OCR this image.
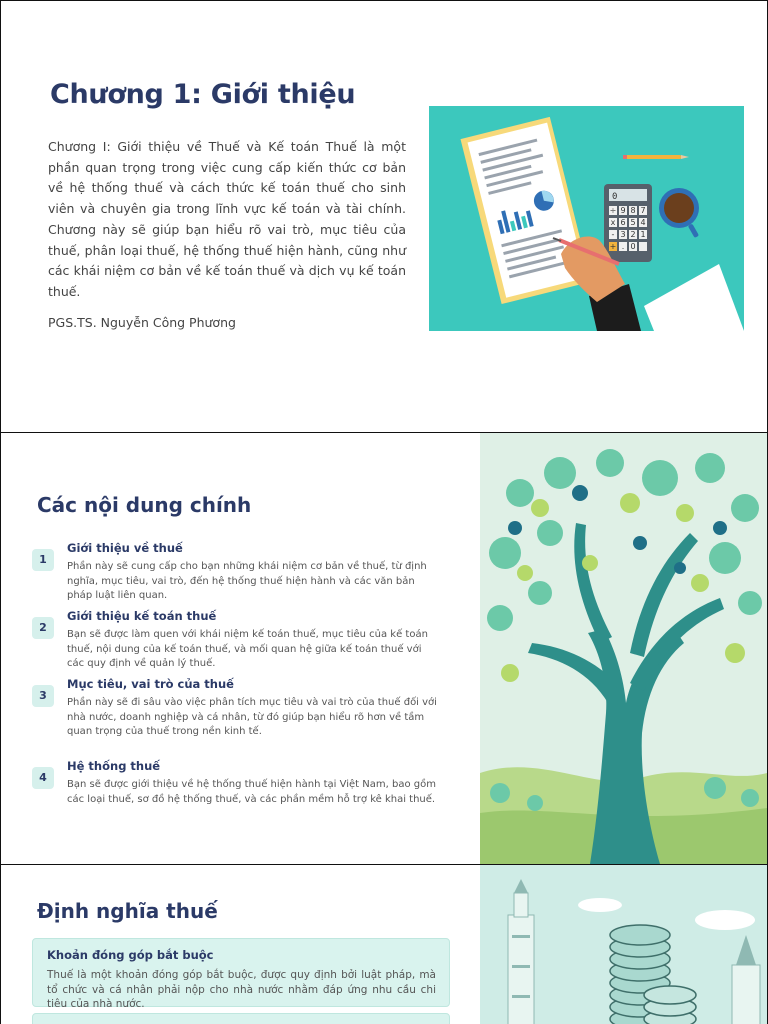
Chương 1: Giới thiệu
Chương I: Giới thiệu về Thuế và Kế toán Thuế là một phần quan trọng trong việc cung cấp kiến thức cơ bản về hệ thống thuế và cách thức kế toán thuế cho sinh viên và chuyên gia trong lĩnh vực kế toán và tài chính. Chương này sẽ giúp bạn hiểu rõ vai trò, mục tiêu của thuế, phân loại thuế, hệ thống thuế hiện hành, cũng như các khái niệm cơ bản về kế toán thuế và dịch vụ kế toán thuế.
PGS.TS. Nguyễn Công Phương
0
÷ 9 8 7
x 6 5 4
- 3 2 1
+ . 0
Các nội dung chính
1
Giới thiệu về thuế
Phần này sẽ cung cấp cho bạn những khái niệm cơ bản về thuế, từ định nghĩa, mục tiêu, vai trò, đến hệ thống thuế hiện hành và các văn bản pháp luật liên quan.
2
Giới thiệu kế toán thuế
Bạn sẽ được làm quen với khái niệm kế toán thuế, mục tiêu của kế toán thuế, nội dung của kế toán thuế, và mối quan hệ giữa kế toán thuế với các quy định về quản lý thuế.
3
Mục tiêu, vai trò của thuế
Phần này sẽ đi sâu vào việc phân tích mục tiêu và vai trò của thuế đối với nhà nước, doanh nghiệp và cá nhân, từ đó giúp bạn hiểu rõ hơn về tầm quan trọng của thuế trong nền kinh tế.
4
Hệ thống thuế
Bạn sẽ được giới thiệu về hệ thống thuế hiện hành tại Việt Nam, bao gồm các loại thuế, sơ đồ hệ thống thuế, và các phần mềm hỗ trợ kê khai thuế.
Định nghĩa thuế
Khoản đóng góp bắt buộc
Thuế là một khoản đóng góp bắt buộc, được quy định bởi luật pháp, mà tổ chức và cá nhân phải nộp cho nhà nước nhằm đáp ứng nhu cầu chi tiêu của nhà nước.
